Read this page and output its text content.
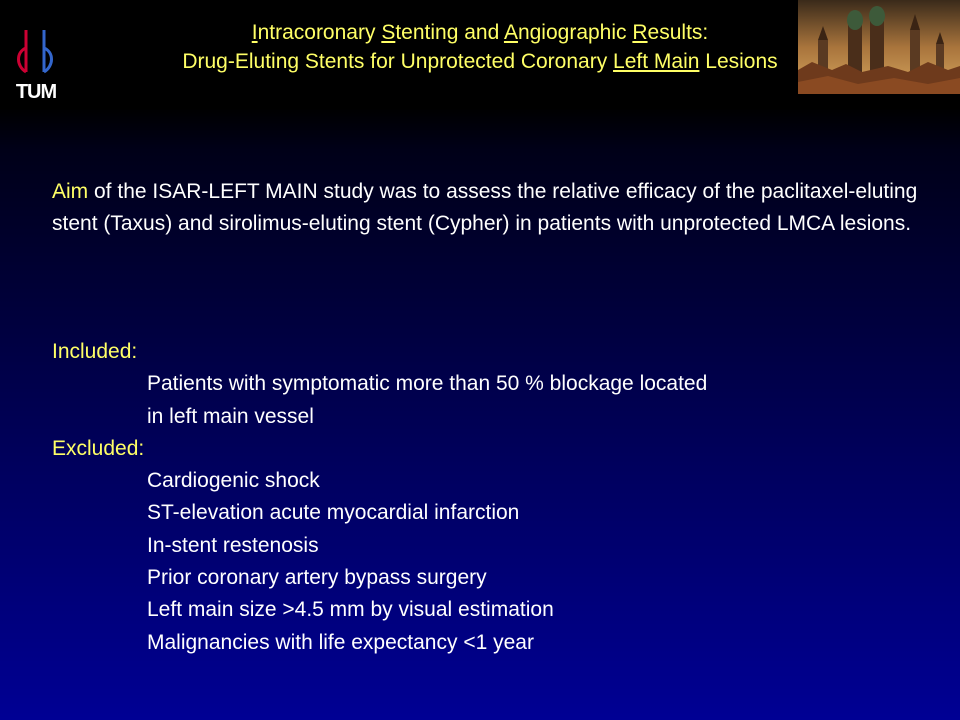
TUM
Intracoronary Stenting and Angiographic Results:
Drug-Eluting Stents for Unprotected Coronary Left Main Lesions
Aim of the ISAR-LEFT MAIN study was to assess the relative efficacy of the paclitaxel-eluting stent (Taxus) and sirolimus-eluting stent (Cypher) in patients with unprotected LMCA lesions.
Included:
Patients with symptomatic more than 50 % blockage located
in left main vessel
Excluded:
Cardiogenic shock
ST-elevation acute myocardial infarction
In-stent restenosis
Prior coronary artery bypass surgery
Left main size >4.5 mm by visual estimation
Malignancies with life expectancy <1 year
